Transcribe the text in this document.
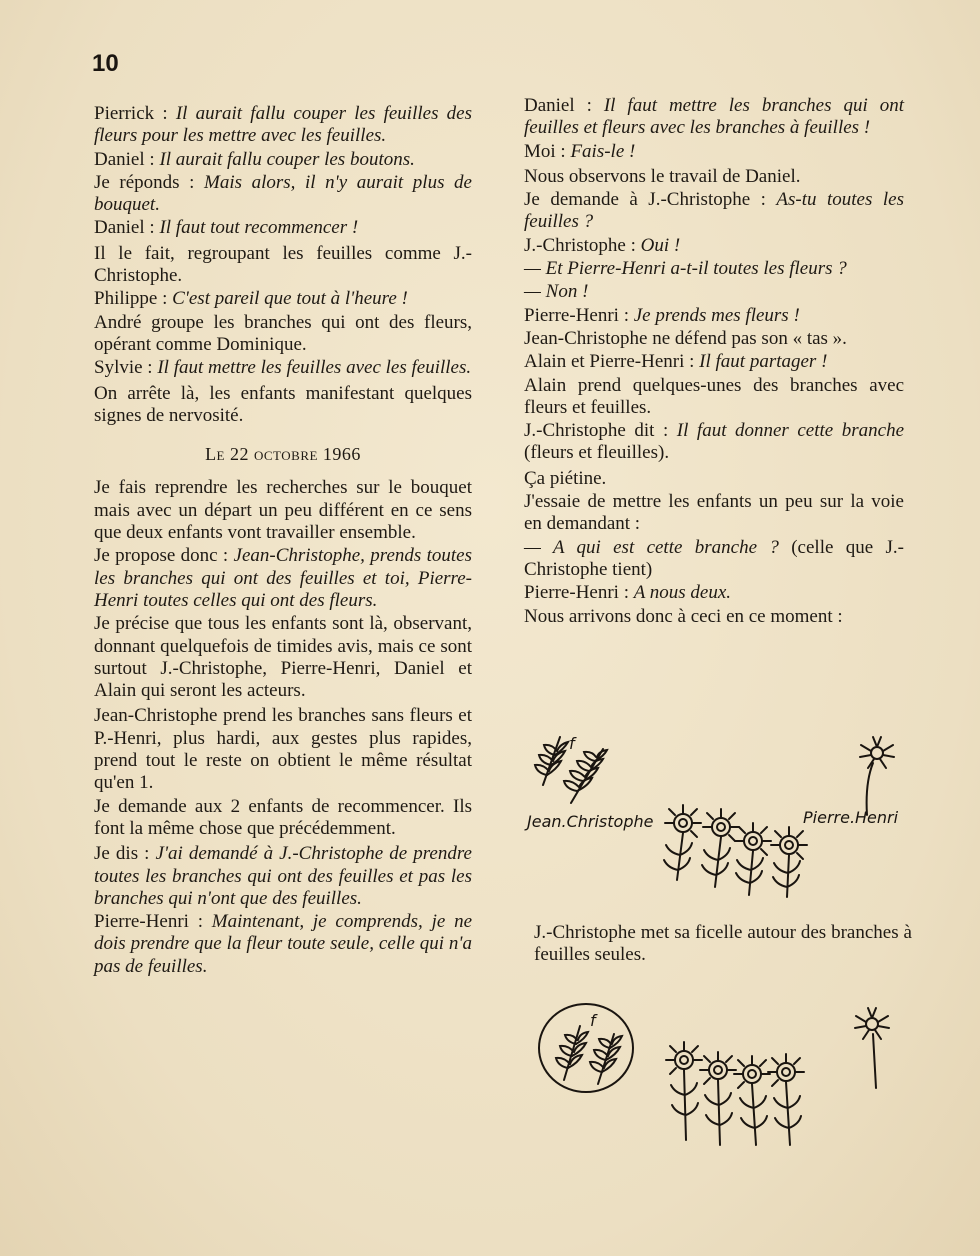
10

Pierrick : Il aurait fallu couper les feuilles des fleurs pour les mettre avec les feuilles.

Daniel : Il aurait fallu couper les boutons.

Je réponds : Mais alors, il n'y aurait plus de bouquet.

Daniel : Il faut tout recommencer !

Il le fait, regroupant les feuilles comme J.-Christophe.

Philippe : C'est pareil que tout à l'heure !

André groupe les branches qui ont des fleurs, opérant comme Dominique.

Sylvie : Il faut mettre les feuilles avec les feuilles.

On arrête là, les enfants manifestant quelques signes de nervosité.

Le 22 octobre 1966

Je fais reprendre les recherches sur le bouquet mais avec un départ un peu différent en ce sens que deux enfants vont travailler ensemble.

Je propose donc : Jean-Christophe, prends toutes les branches qui ont des feuilles et toi, Pierre-Henri toutes celles qui ont des fleurs.

Je précise que tous les enfants sont là, observant, donnant quelquefois de timides avis, mais ce sont surtout J.-Christophe, Pierre-Henri, Daniel et Alain qui seront les acteurs.

Jean-Christophe prend les branches sans fleurs et P.-Henri, plus hardi, aux gestes plus rapides, prend tout le reste on obtient le même résultat qu'en 1.

Je demande aux 2 enfants de recommencer. Ils font la même chose que précédemment.

Je dis : J'ai demandé à J.-Christophe de prendre toutes les branches qui ont des feuilles et pas les branches qui n'ont que des feuilles.

Pierre-Henri : Maintenant, je comprends, je ne dois prendre que la fleur toute seule, celle qui n'a pas de feuilles.

Daniel : Il faut mettre les branches qui ont feuilles et fleurs avec les branches à feuilles !

Moi : Fais-le !

Nous observons le travail de Daniel.

Je demande à J.-Christophe : As-tu toutes les feuilles ?

J.-Christophe : Oui !

— Et Pierre-Henri a-t-il toutes les fleurs ?

— Non !

Pierre-Henri : Je prends mes fleurs !

Jean-Christophe ne défend pas son « tas ».

Alain et Pierre-Henri : Il faut partager !

Alain prend quelques-unes des branches avec fleurs et feuilles.

J.-Christophe dit : Il faut donner cette branche (fleurs et fleuilles).

Ça piétine.

J'essaie de mettre les enfants un peu sur la voie en demandant :

— A qui est cette branche ? (celle que J.-Christophe tient)

Pierre-Henri : A nous deux.

Nous arrivons donc à ceci en ce moment :

f
Jean.Christophe	Pierre.Henri

J.-Christophe met sa ficelle autour des branches à feuilles seules.

f
